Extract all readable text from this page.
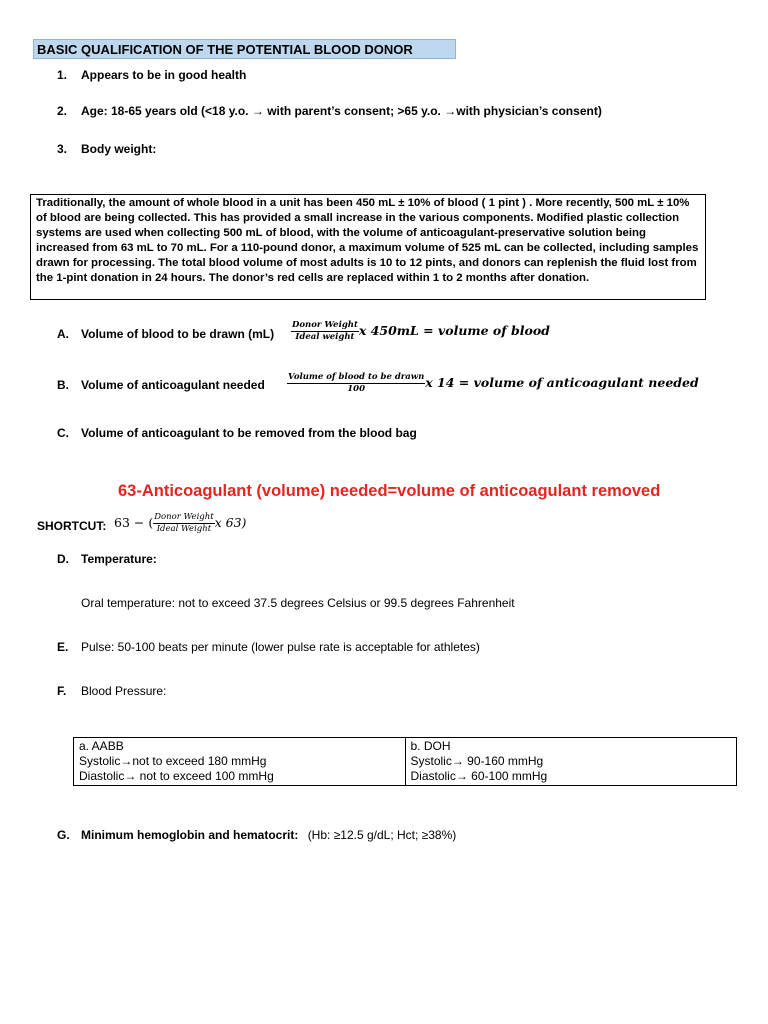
BASIC QUALIFICATION OF THE POTENTIAL BLOOD DONOR
1. Appears to be in good health
2. Age: 18-65 years old (<18 y.o. → with parent’s consent; >65 y.o. →with physician’s consent)
3. Body weight:

Traditionally, the amount of whole blood in a unit has been 450 mL ± 10% of blood ( 1 pint ) . More recently, 500 mL ± 10% of blood are being collected. This has provided a small increase in the various components. Modified plastic collection systems are used when collecting 500 mL of blood, with the volume of anticoagulant-preservative solution being increased from 63 mL to 70 mL. For a 110-pound donor, a maximum volume of 525 mL can be collected, including samples drawn for processing. The total blood volume of most adults is 10 to 12 pints, and donors can replenish the fluid lost from the 1-pint donation in 24 hours. The donor’s red cells are replaced within 1 to 2 months after donation.

A. Volume of blood to be drawn $(mL) \frac{\text{Donor Weight}}{\text{Ideal weight}}$ x 450mL = volume of blood
B. Volume of anticoagulant needed	$\frac{\text{Volume of blood to be drawn}}{100}$ x 14 = volume of anticoagulant needed
C. Volume of anticoagulant to be removed from the blood bag
63-Anticoagulant (volume) needed=volume of anticoagulant removed
SHORTCUT: 63 − ( $\frac{\text{Donor Weight}}{\text{Ideal Weight}}$ x 63)
D. Temperature:
Oral temperature: not to exceed 37.5 degrees Celsius or 99.5 degrees Fahrenheit
E. Pulse: 50-100 beats per minute (lower pulse rate is acceptable for athletes)
F. Blood Pressure:
a. AABB
Systolic→not to exceed 180 mmHg
Diastolic→ not to exceed 100 mmHg

b. DOH
Systolic→ 90-160 mmHg
Diastolic→ 60-100 mmHg
G. Minimum hemoglobin and hematocrit: (Hb: ≥12.5 g/dL; Hct; ≥38%)
